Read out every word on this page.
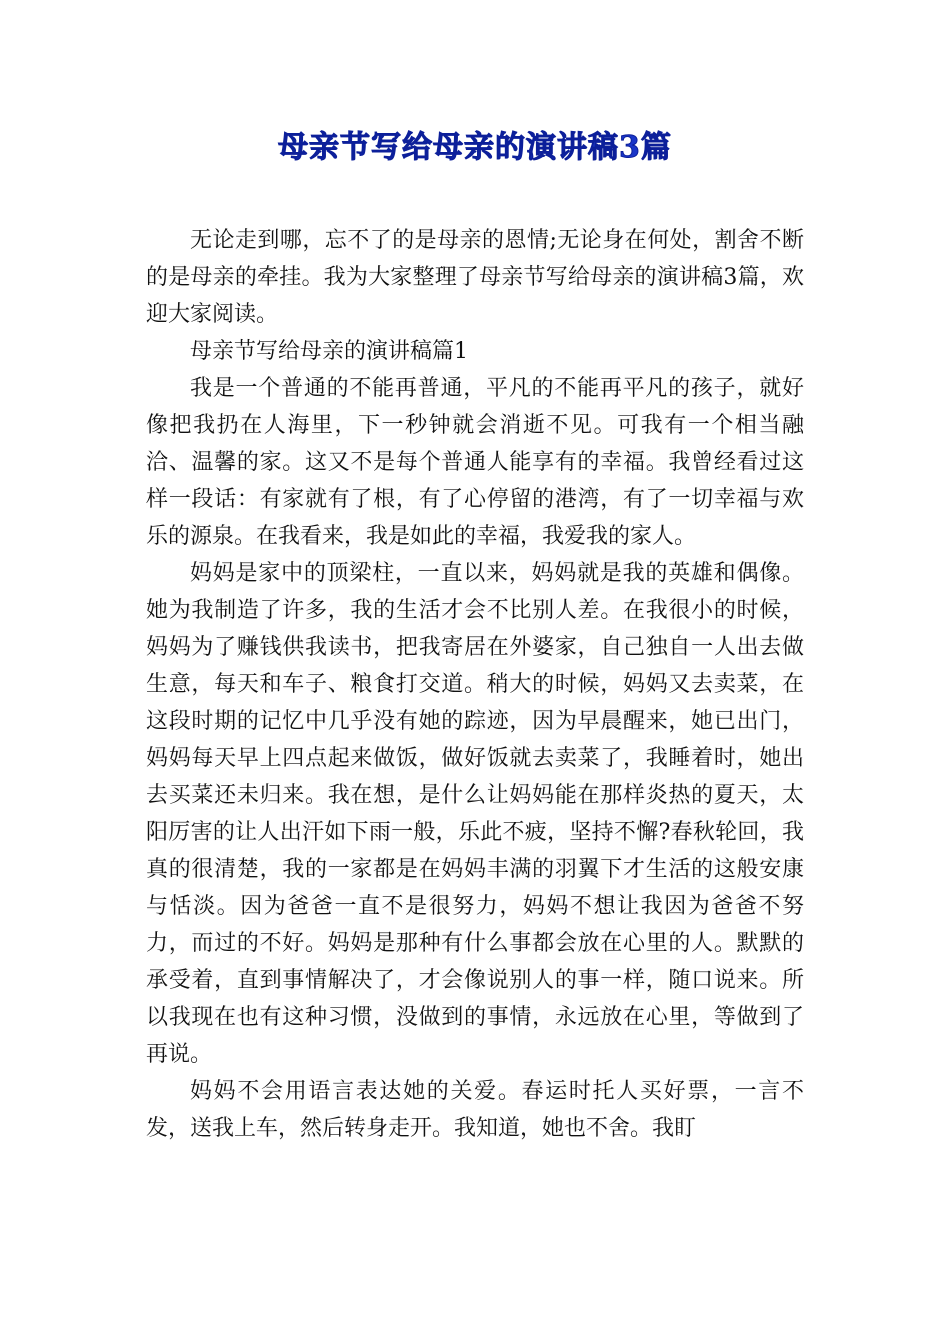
母亲节写给母亲的演讲稿3篇

无论走到哪，忘不了的是母亲的恩情;无论身在何处，割舍不断的是母亲的牵挂。我为大家整理了母亲节写给母亲的演讲稿3篇，欢迎大家阅读。

母亲节写给母亲的演讲稿篇1

我是一个普通的不能再普通，平凡的不能再平凡的孩子，就好像把我扔在人海里，下一秒钟就会消逝不见。可我有一个相当融洽、温馨的家。这又不是每个普通人能享有的幸福。我曾经看过这样一段话：有家就有了根，有了心停留的港湾，有了一切幸福与欢乐的源泉。在我看来，我是如此的幸福，我爱我的家人。

妈妈是家中的顶梁柱，一直以来，妈妈就是我的英雄和偶像。她为我制造了许多，我的生活才会不比别人差。在我很小的时候，妈妈为了赚钱供我读书，把我寄居在外婆家，自己独自一人出去做生意，每天和车子、粮食打交道。稍大的时候，妈妈又去卖菜，在这段时期的记忆中几乎没有她的踪迹，因为早晨醒来，她已出门，妈妈每天早上四点起来做饭，做好饭就去卖菜了，我睡着时，她出去买菜还未归来。我在想，是什么让妈妈能在那样炎热的夏天，太阳厉害的让人出汗如下雨一般，乐此不疲，坚持不懈?春秋轮回，我真的很清楚，我的一家都是在妈妈丰满的羽翼下才生活的这般安康与恬淡。因为爸爸一直不是很努力，妈妈不想让我因为爸爸不努力，而过的不好。妈妈是那种有什么事都会放在心里的人。默默的承受着，直到事情解决了，才会像说别人的事一样，随口说来。所以我现在也有这种习惯，没做到的事情，永远放在心里，等做到了再说。

妈妈不会用语言表达她的关爱。春运时托人买好票，一言不发，送我上车，然后转身走开。我知道，她也不舍。我盯
